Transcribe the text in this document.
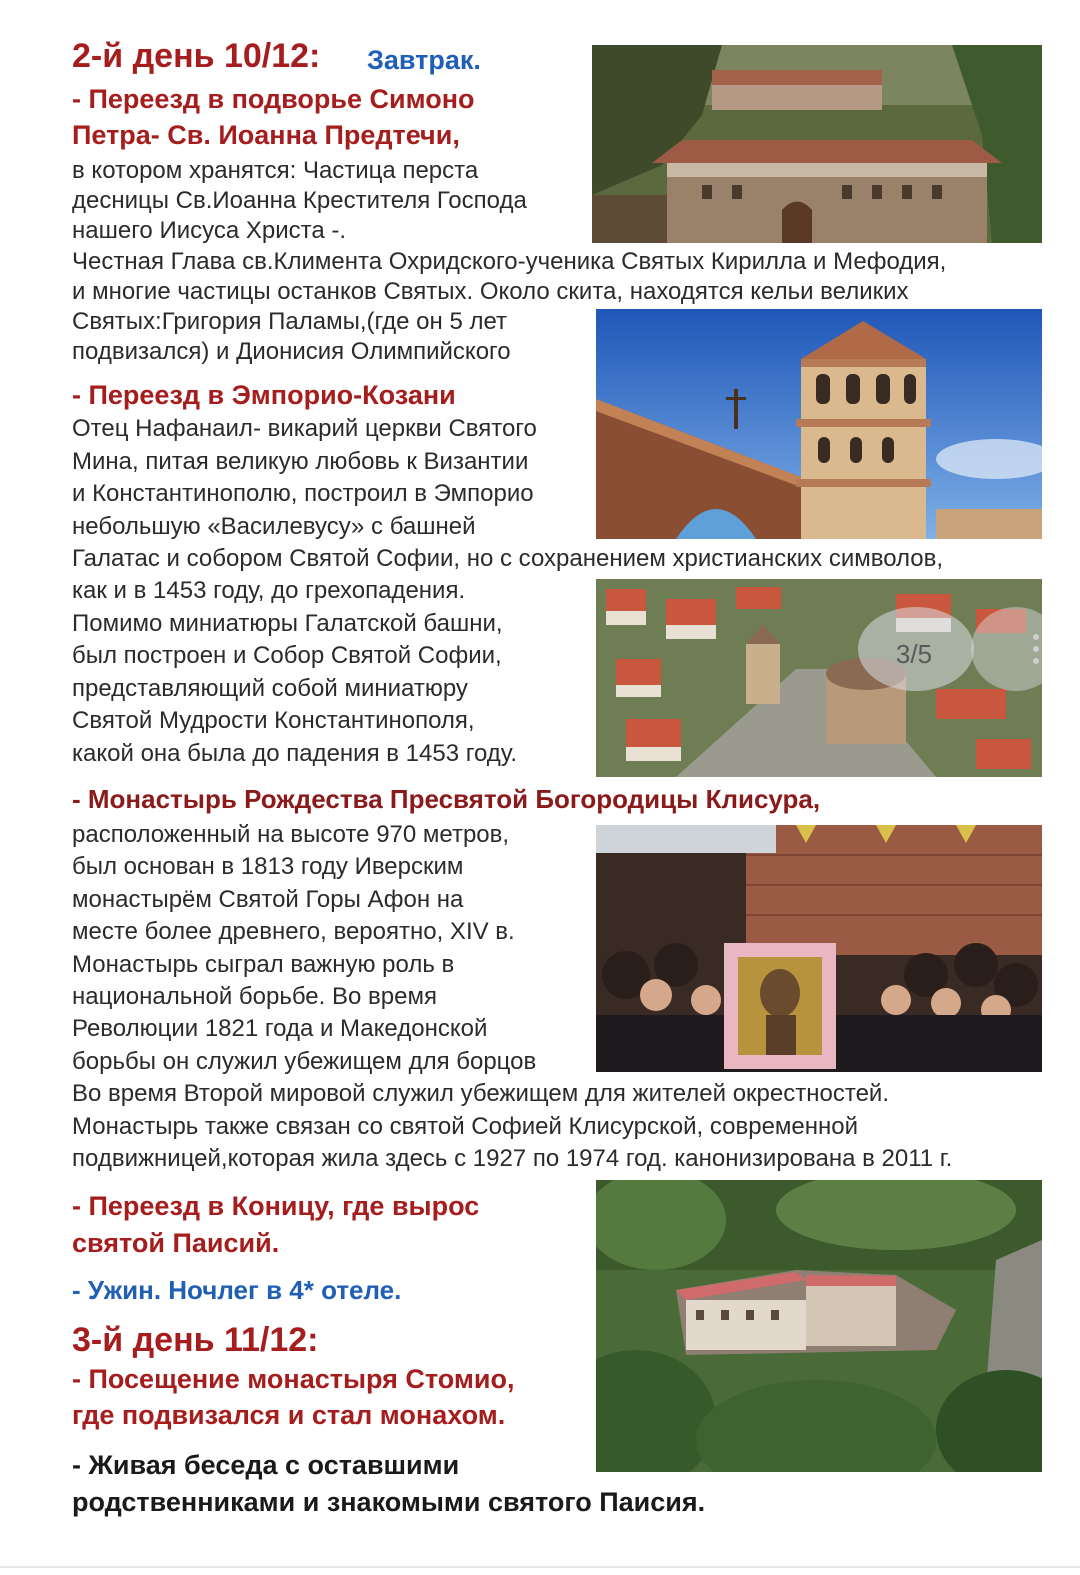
2-й день 10/12: Завтрак.
- Переезд в подворье Симоно
Петра- Св. Иоанна Предтечи,
в котором хранятся: Частица перста
десницы Св.Иоанна Крестителя Господа
нашего Иисуса Христа -.
Честная Глава св.Климента Охридского-ученика Святых Кирилла и Мефодия,
и многие частицы останков Святых. Около скита, находятся кельи великих
Святых:Григория Паламы,(где он 5 лет
подвизался) и Дионисия Олимпийского
- Переезд в Эмпорио-Козани
Отец Нафанаил- викарий церкви Святого
Мина, питая великую любовь к Византии
и Константинополю, построил в Эмпорио
небольшую «Василевусу» с башней
Галатас и собором Святой Софии, но с сохранением христианских символов,
как и в 1453 году, до грехопадения.
Помимо миниатюры Галатской башни,
был построен и Собор Святой Софии,
представляющий собой миниатюру
Святой Мудрости Константинополя,
какой она была до падения в 1453 году.
- Монастырь Рождества Пресвятой Богородицы Клисура,
расположенный на высоте 970 метров,
был основан в 1813 году Иверским
монастырём Святой Горы Афон на
месте более древнего, вероятно, XIV в.
Монастырь сыграл важную роль в
национальной борьбе. Во время
Революции 1821 года и Македонской
борьбы он служил убежищем для борцов
Во время Второй мировой служил убежищем для жителей окрестностей.
Монастырь также связан со святой Софией Клисурской, современной
подвижницей,которая жила здесь с 1927 по 1974 год. канонизирована в 2011 г.
- Переезд в Коницу, где вырос
святой Паисий.
- Ужин. Ночлег в 4* отеле.
3-й день 11/12:
- Посещение монастыря Стомио,
где подвизался и стал монахом.
- Живая беседа с оставшими
родственниками и знакомыми святого Паисия.
3/5
